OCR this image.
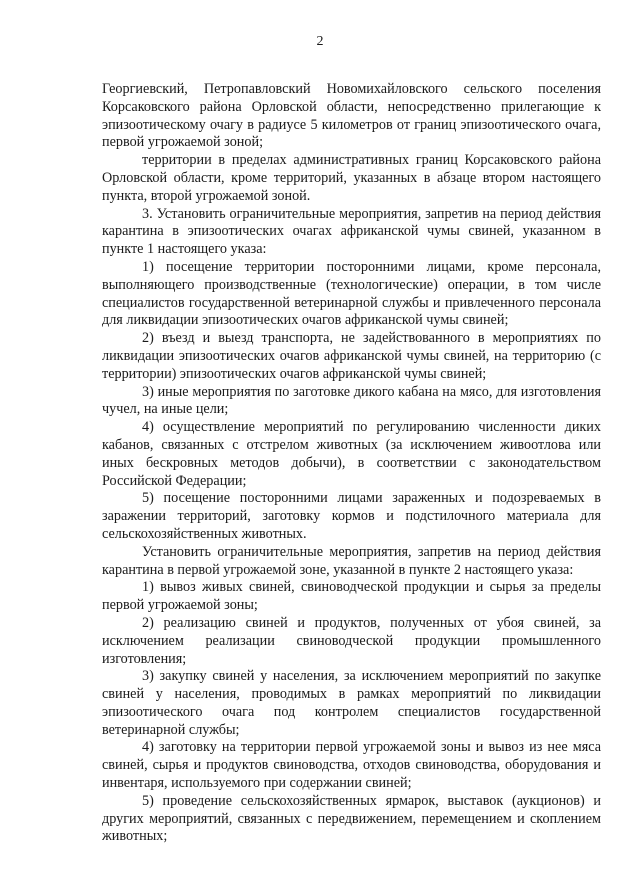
2

Георгиевский, Петропавловский Новомихайловского сельского поселения Корсаковского района Орловской области, непосредственно прилегающие к эпизоотическому очагу в радиусе 5 километров от границ эпизоотического очага, первой угрожаемой зоной;

территории в пределах административных границ Корсаковского района Орловской области, кроме территорий, указанных в абзаце втором настоящего пункта, второй угрожаемой зоной.

3. Установить ограничительные мероприятия, запретив на период действия карантина в эпизоотических очагах африканской чумы свиней, указанном в пункте 1 настоящего указа:

1) посещение территории посторонними лицами, кроме персонала, выполняющего производственные (технологические) операции, в том числе специалистов государственной ветеринарной службы и привлеченного персонала для ликвидации эпизоотических очагов африканской чумы свиней;

2) въезд и выезд транспорта, не задействованного в мероприятиях по ликвидации эпизоотических очагов африканской чумы свиней, на территорию (с территории) эпизоотических очагов африканской чумы свиней;

3) иные мероприятия по заготовке дикого кабана на мясо, для изготовления чучел, на иные цели;

4) осуществление мероприятий по регулированию численности диких кабанов, связанных с отстрелом животных (за исключением живоотлова или иных бескровных методов добычи), в соответствии с законодательством Российской Федерации;

5) посещение посторонними лицами зараженных и подозреваемых в заражении территорий, заготовку кормов и подстилочного материала для сельскохозяйственных животных.

Установить ограничительные мероприятия, запретив на период действия карантина в первой угрожаемой зоне, указанной в пункте 2 настоящего указа:

1) вывоз живых свиней, свиноводческой продукции и сырья за пределы первой угрожаемой зоны;

2) реализацию свиней и продуктов, полученных от убоя свиней, за исключением реализации свиноводческой продукции промышленного изготовления;

3) закупку свиней у населения, за исключением мероприятий по закупке свиней у населения, проводимых в рамках мероприятий по ликвидации эпизоотического очага под контролем специалистов государственной ветеринарной службы;

4) заготовку на территории первой угрожаемой зоны и вывоз из нее мяса свиней, сырья и продуктов свиноводства, отходов свиноводства, оборудования и инвентаря, используемого при содержании свиней;

5) проведение сельскохозяйственных ярмарок, выставок (аукционов) и других мероприятий, связанных с передвижением, перемещением и скоплением животных;
